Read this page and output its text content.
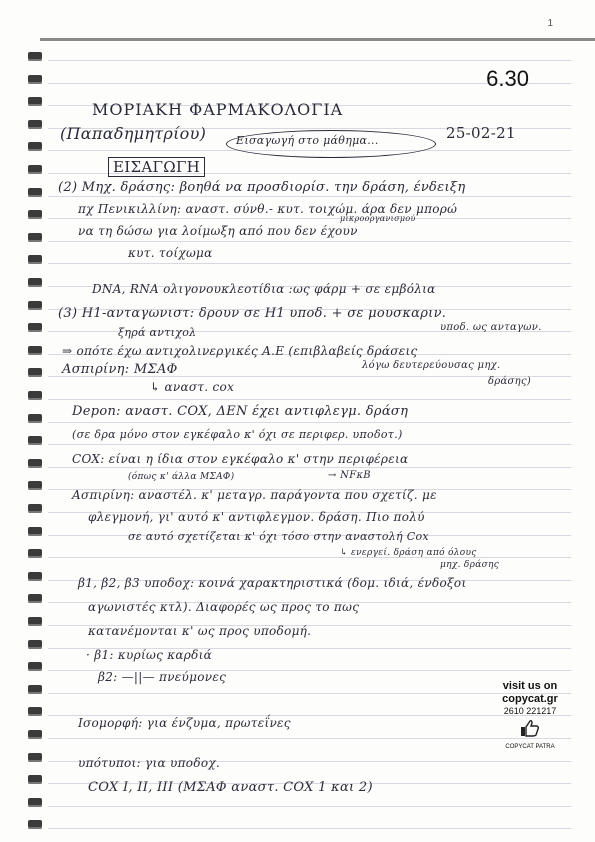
1
6.30
ΜΟΡΙΑΚΗ ΦΑΡΜΑΚΟΛΟΓΙΑ
(Παπαδημητρίου)	Εισαγωγή στο μάθημα...	25-02-21
ΕΙΣΑΓΩΓΗ
(2) Μηχ. δράσης: βοηθά να προσδιορίσ. την δράση, ένδειξη
πχ Πενικιλλίνη: αναστ. σύνθ.- κυτ. τοιχώμ. άρα δεν μπορώ
μικροοργανισμού
να τη δώσω για λοίμωξη από που δεν έχουν
κυτ. τοίχωμα
DNA, RNA ολιγονουκλεοτίδια :ως φάρμ + σε εμβόλια
(3) H1-ανταγωνιστ: δρουν σε H1 υποδ. + σε μουσκαριν.
υποδ. ως ανταγων.
ξηρά αντιχολ
⇒ οπότε έχω αντιχολινεργικές Α.Ε (επιβλαβείς δράσεις
λόγω δευτερεύουσας μηχ.
δράσης)
Ασπιρίνη: ΜΣΑΦ
↳ αναστ. cox
Depon: αναστ. COX, ΔΕΝ έχει αντιφλεγμ. δράση
(σε δρα μόνο στον εγκέφαλο κ' όχι σε περιφερ. υποδοτ.)
COX: είναι η ίδια στον εγκέφαλο κ' στην περιφέρεια
(όπως κ' άλλα ΜΣΑΦ)	→ NFκΒ
Ασπιρίνη: αναστέλ. κ' μεταγρ. παράγοντα που σχετίζ. με
φλεγμονή, γι' αυτό κ' αντιφλεγμον. δράση. Πιο πολύ
σε αυτό σχετίζεται κ' όχι τόσο στην αναστολή Cox
↳ ενεργεί. δράση από όλους
μηχ. δράσης
β1, β2, β3 υποδοχ: κοινά χαρακτηριστικά (δομ. ιδιά, ένδοξοι
αγωνιστές κτλ). Διαφορές ως προς το πως
κατανέμονται κ' ως προς υποδομή.
· β1: κυρίως καρδιά
β2: —||— πνεύμονες
Ισομορφή: για ένζυμα, πρωτεΐνες
υπότυποι: για υποδοχ.
COX I, II, III (ΜΣΑΦ αναστ. COX 1 και 2)
visit us on
copycat.gr
2610 221217
COPYCAT PATRA
